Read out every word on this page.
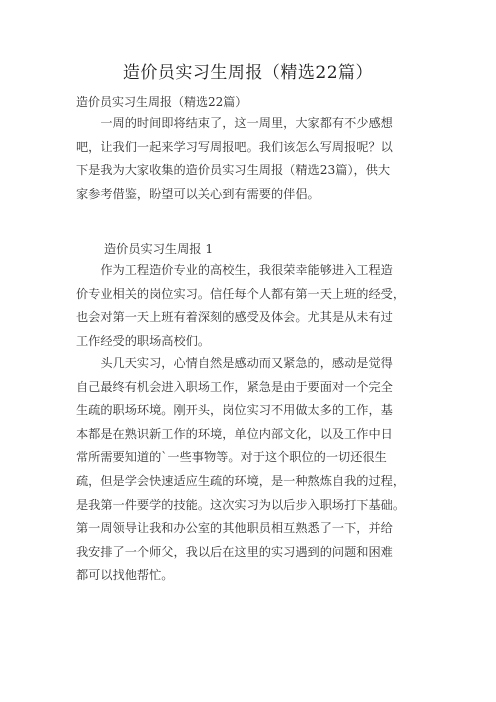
造价员实习生周报（精选22篇）
造价员实习生周报（精选22篇）
　　一周的时间即将结束了，这一周里，大家都有不少感想
吧，让我们一起来学习写周报吧。我们该怎么写周报呢？以
下是我为大家收集的造价员实习生周报（精选23篇），供大
家参考借鉴，盼望可以关心到有需要的伴侣。
造价员实习生周报 1
　　作为工程造价专业的高校生，我很荣幸能够进入工程造
价专业相关的岗位实习。信任每个人都有第一天上班的经受，
也会对第一天上班有着深刻的感受及体会。尤其是从未有过
工作经受的职场高校们。
　　头几天实习，心情自然是感动而又紧急的，感动是觉得
自己最终有机会进入职场工作，紧急是由于要面对一个完全
生疏的职场环境。刚开头，岗位实习不用做太多的工作，基
本都是在熟识新工作的环境，单位内部文化，以及工作中日
常所需要知道的`一些事物等。对于这个职位的一切还很生
疏，但是学会快速适应生疏的环境，是一种熬炼自我的过程，
是我第一件要学的技能。这次实习为以后步入职场打下基础。
第一周领导让我和办公室的其他职员相互熟悉了一下，并给
我安排了一个师父，我以后在这里的实习遇到的问题和困难
都可以找他帮忙。
